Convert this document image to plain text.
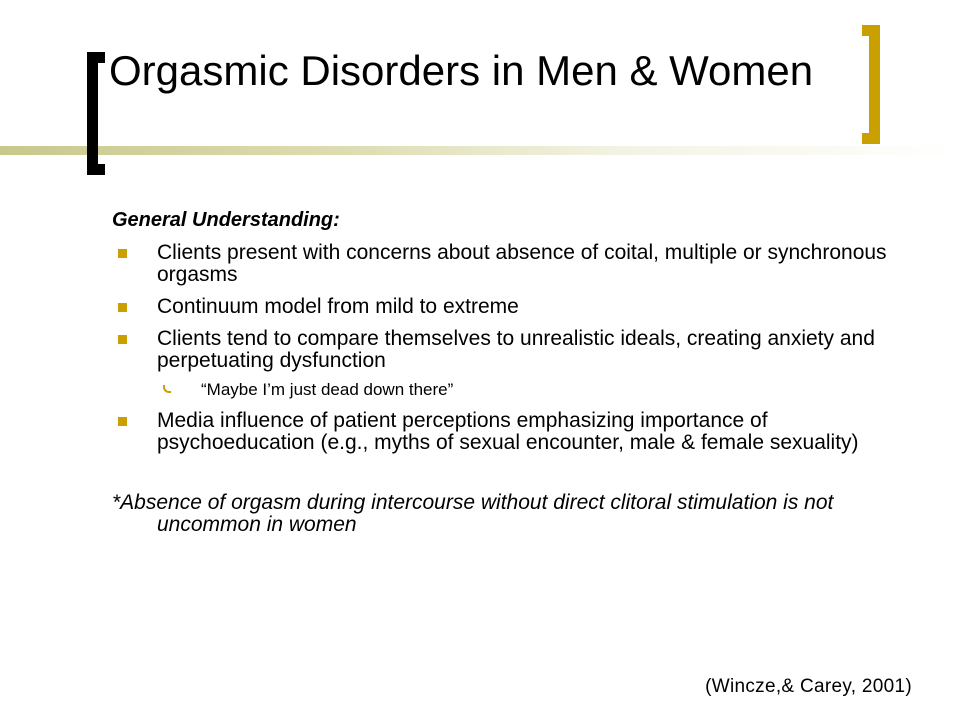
Orgasmic Disorders in Men & Women

General Understanding:

Clients present with concerns about absence of coital, multiple or synchronous orgasms
Continuum model from mild to extreme
Clients tend to compare themselves to unrealistic ideals, creating anxiety and perpetuating dysfunction
“Maybe I’m just dead down there”
Media influence of patient perceptions emphasizing importance of psychoeducation (e.g., myths of sexual encounter, male & female sexuality)

*Absence of orgasm during intercourse without direct clitoral stimulation is not uncommon in women

(Wincze,& Carey, 2001)
